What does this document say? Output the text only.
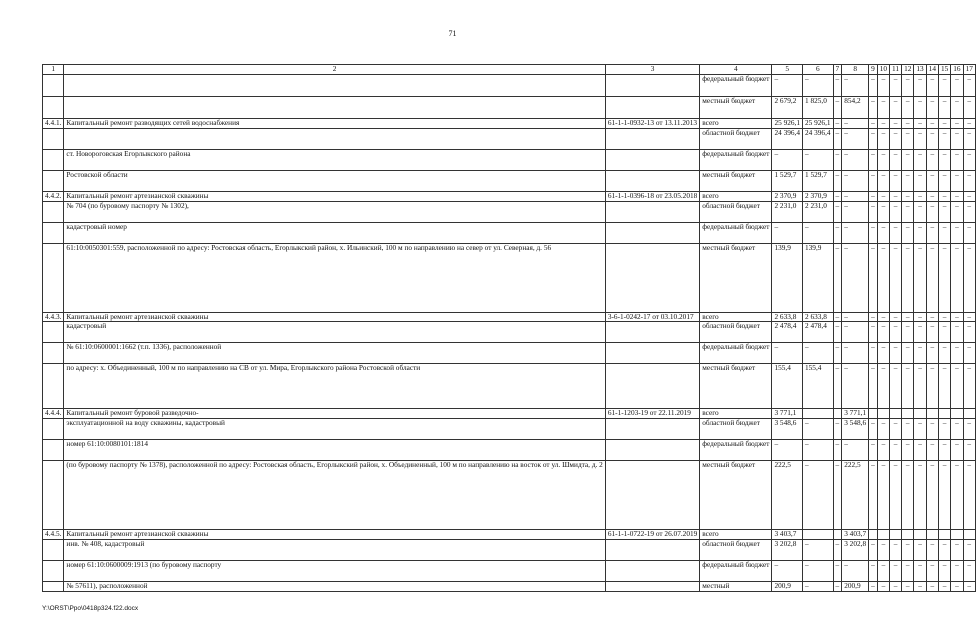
71
1	2	3	4	5	6	7	8	9	10	11	12	13	14	15	16	17
			федеральный бюджет	–	–	–	–	–	–	–	–	–	–	–	–	–
			местный бюджет	2 679,2	1 825,0	–	854,2	–	–	–	–	–	–	–	–	–
4.4.1.	Капитальный ремонт разводящих сетей водоснабжения	61-1-1-0932-13 от 13.11.2013	всего	25 926,1	25 926,1	–	–	–	–	–	–	–	–	–	–	–
			областной бюджет	24 396,4	24 396,4	–	–	–	–	–	–	–	–	–	–	–
	ст. Новороговская Егорлыкского района		федеральный бюджет	–	–	–	–	–	–	–	–	–	–	–	–	–
	Ростовской области		местный бюджет	1 529,7	1 529,7	–	–	–	–	–	–	–	–	–	–	–
4.4.2.	Капитальный ремонт артезианской скважины	61-1-1-0396-18 от 23.05.2018	всего	2 370,9	2 370,9	–	–	–	–	–	–	–	–	–	–	–
	№ 704 (по буровому паспорту № 1302),		областной бюджет	2 231,0	2 231,0	–	–	–	–	–	–	–	–	–	–	–
	кадастровый номер		федеральный бюджет	–	–	–	–	–	–	–	–	–	–	–	–	–
	61:10:0050301:559, расположенной по адресу: Ростовская область, Егорлыкский район, х. Ильинский, 100 м по направлению на север от ул. Северная, д. 56		местный бюджет	139,9	139,9	–	–	–	–	–	–	–	–	–	–	–
4.4.3.	Капитальный ремонт артезианской скважины	3-6-1-0242-17 от 03.10.2017	всего	2 633,8	2 633,8	–	–	–	–	–	–	–	–	–	–	–
	кадастровый		областной бюджет	2 478,4	2 478,4	–	–	–	–	–	–	–	–	–	–	–
	№ 61:10:0600001:1662 (т.п. 1336), расположенной		федеральный бюджет	–	–	–	–	–	–	–	–	–	–	–	–	–
	по адресу: х. Объединенный, 100 м по направлению на СВ от ул. Мира, Егорлыкского района Ростовской области		местный бюджет	155,4	155,4	–	–	–	–	–	–	–	–	–	–	–
4.4.4.	Капитальный ремонт буровой разведочно-	61-1-1203-19 от 22.11.2019	всего	3 771,1			3 771,1									
	эксплуатационной на воду скважины, кадастровый		областной бюджет	3 548,6	–	–	3 548,6	–	–	–	–	–	–	–	–	–
	номер 61:10:0080101:1814		федеральный бюджет	–	–	–	–	–	–	–	–	–	–	–	–	–
	(по буровому паспорту № 1378), расположенной по адресу: Ростовская область, Егорлыкский район, х. Объединенный, 100 м по направлению на восток от ул. Шмидта, д. 2		местный бюджет	222,5	–	–	222,5	–	–	–	–	–	–	–	–	–
4.4.5.	Капитальный ремонт артезианской скважины	61-1-1-0722-19 от 26.07.2019	всего	3 403,7			3 403,7									
	инв. № 408, кадастровый		областной бюджет	3 202,8	–	–	3 202,8	–	–	–	–	–	–	–	–	–
	номер 61:10:0600009:1913 (по буровому паспорту		федеральный бюджет	–	–	–	–	–	–	–	–	–	–	–	–	–
	№ 57611), расположенной		местный	200,9	–	–	200,9	–	–	–	–	–	–	–	–	–
Y:\ORST\Ppo\0418p324.f22.docx
